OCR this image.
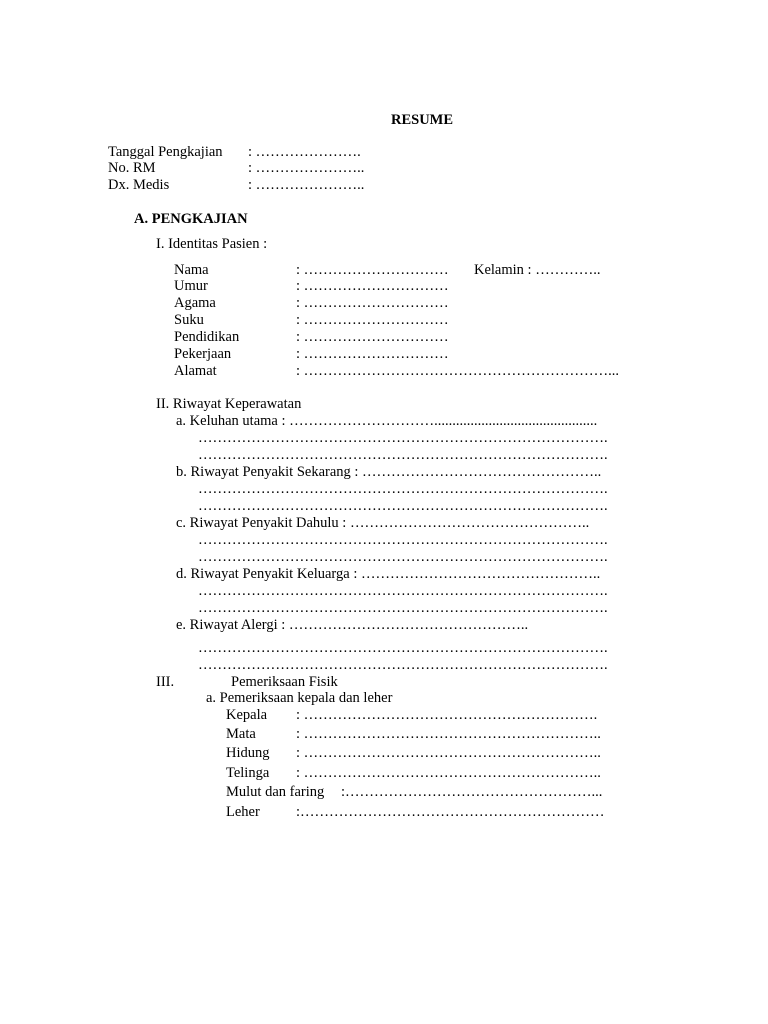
RESUME
Tanggal Pengkajian : ………………….
No. RM	: …………………..
Dx. Medis	: …………………..
A. PENGKAJIAN
I. Identitas Pasien :
Nama	: ………………………… Kelamin : …………..
Umur	: …………………………
Agama	: …………………………
Suku	: …………………………
Pendidikan	: …………………………
Pekerjaan	: …………………………
Alamat	: ………………………………………………………...
II. Riwayat Keperawatan
a. Keluhan utama : ………………………….............................................
………………………………………………………………………….
………………………………………………………………………….
b. Riwayat Penyakit Sekarang : …………………………………………..
………………………………………………………………………….
………………………………………………………………………….
c. Riwayat Penyakit Dahulu : …………………………………………..
………………………………………………………………………….
………………………………………………………………………….
d. Riwayat Penyakit Keluarga : …………………………………………..
………………………………………………………………………….
………………………………………………………………………….
e. Riwayat Alergi : …………………………………………..
………………………………………………………………………….
………………………………………………………………………….
III.	Pemeriksaan Fisik
a. Pemeriksaan kepala dan leher
Kepala : …………………………………………………….
Mata	: ……………………………………………………..
Hidung : ……………………………………………………..
Telinga : ……………………………………………………..
Mulut dan faring :……………………………………………...
Leher :………………………………………………………
